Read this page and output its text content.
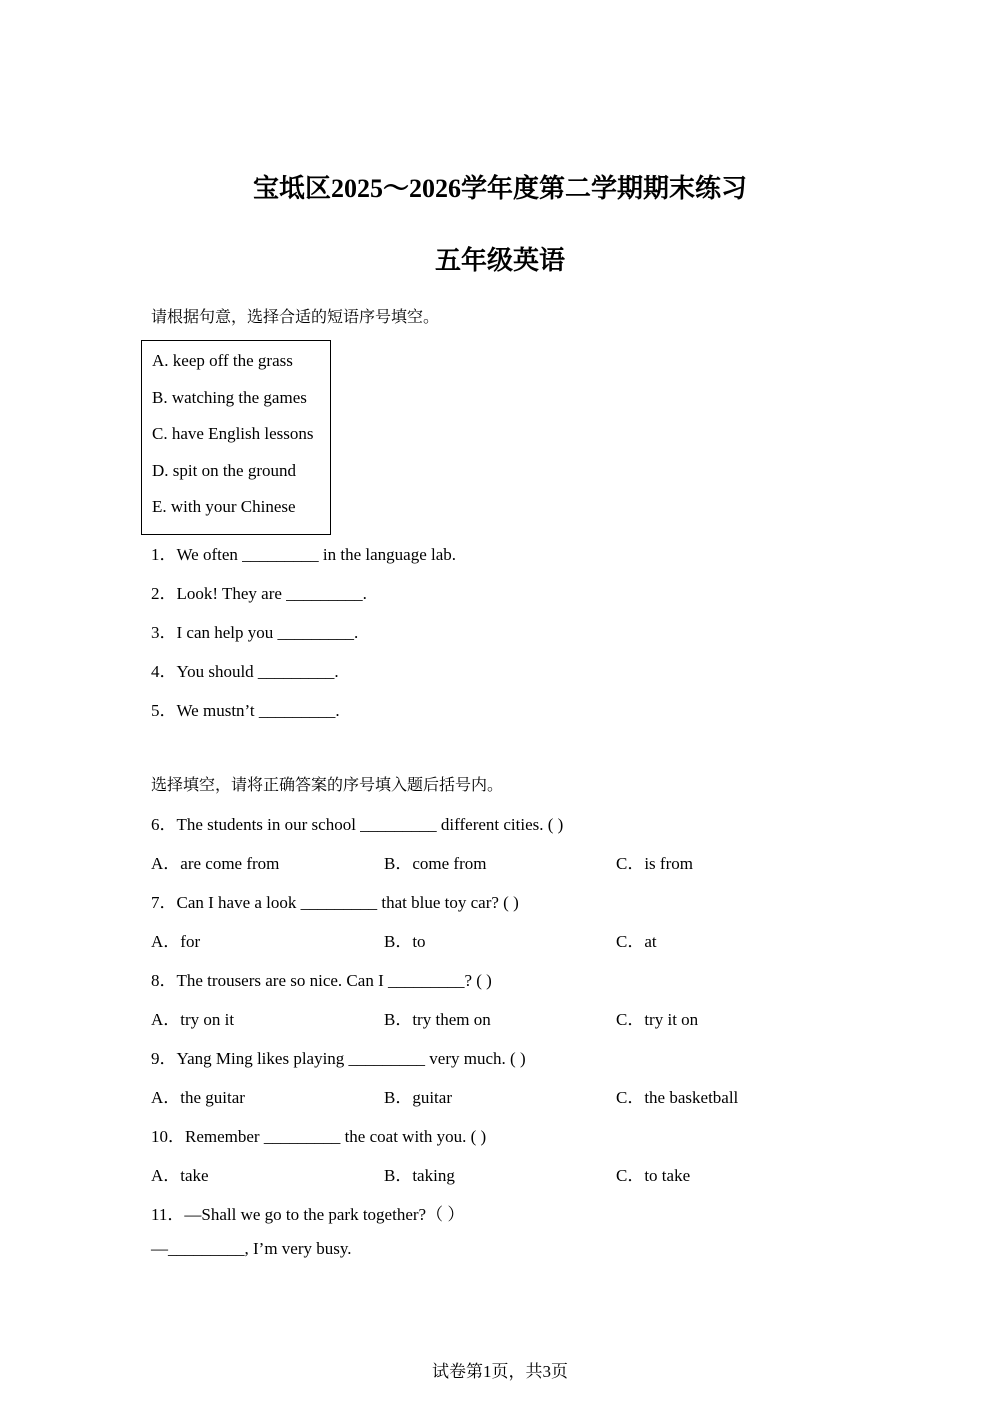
宝坻区2025～2026学年度第二学期期末练习
五年级英语
请根据句意，选择合适的短语序号填空。
A. keep off the grass
B. watching the games
C. have English lessons
D. spit on the ground
E. with your Chinese
1．We often _________ in the language lab.
2．Look! They are _________.
3．I can help you _________.
4．You should _________.
5．We mustn’t _________.
选择填空，请将正确答案的序号填入题后括号内。
6．The students in our school _________ different cities. ( )
A．are come from	B．come from	C．is from
7．Can I have a look _________ that blue toy car? ( )
A．for	B．to	C．at
8．The trousers are so nice. Can I _________? ( )
A．try on it	B．try them on	C．try it on
9．Yang Ming likes playing _________ very much. ( )
A．the guitar	B．guitar	C．the basketball
10．Remember _________ the coat with you. ( )
A．take	B．taking	C．to take
11．—Shall we go to the park together?（ ）
—_________, I’m very busy.
试卷第1页，共3页
